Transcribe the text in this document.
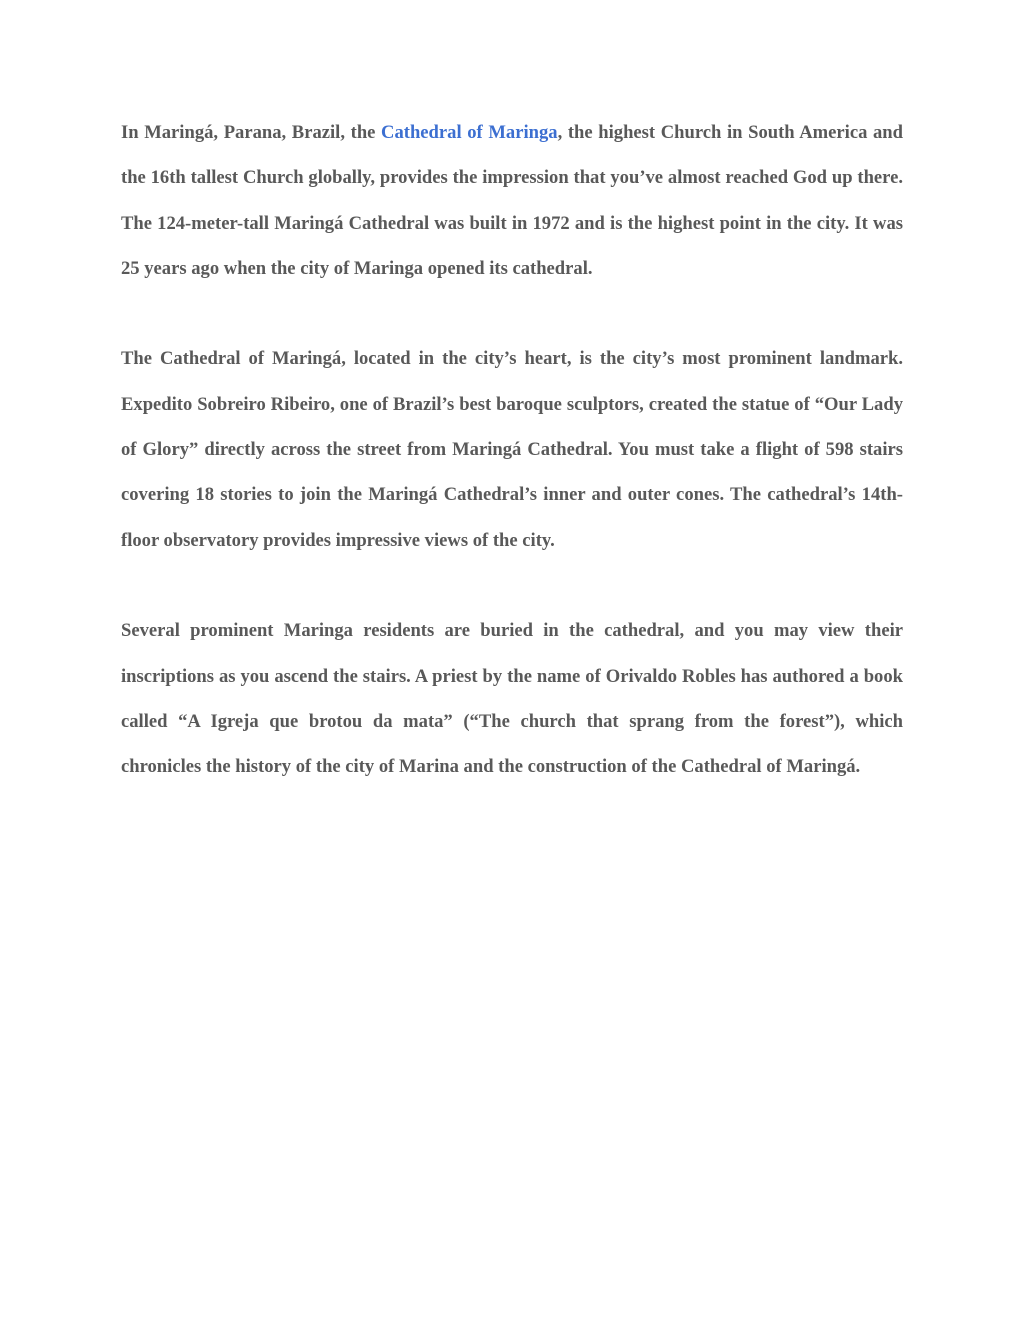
In Maringá, Parana, Brazil, the Cathedral of Maringa, the highest Church in South America and the 16th tallest Church globally, provides the impression that you’ve almost reached God up there. The 124-meter-tall Maringá Cathedral was built in 1972 and is the highest point in the city. It was 25 years ago when the city of Maringa opened its cathedral.

The Cathedral of Maringá, located in the city’s heart, is the city’s most prominent landmark. Expedito Sobreiro Ribeiro, one of Brazil’s best baroque sculptors, created the statue of “Our Lady of Glory” directly across the street from Maringá Cathedral. You must take a flight of 598 stairs covering 18 stories to join the Maringá Cathedral’s inner and outer cones. The cathedral’s 14th-floor observatory provides impressive views of the city.

Several prominent Maringa residents are buried in the cathedral, and you may view their inscriptions as you ascend the stairs. A priest by the name of Orivaldo Robles has authored a book called “A Igreja que brotou da mata” (“The church that sprang from the forest”), which chronicles the history of the city of Marina and the construction of the Cathedral of Maringá.
